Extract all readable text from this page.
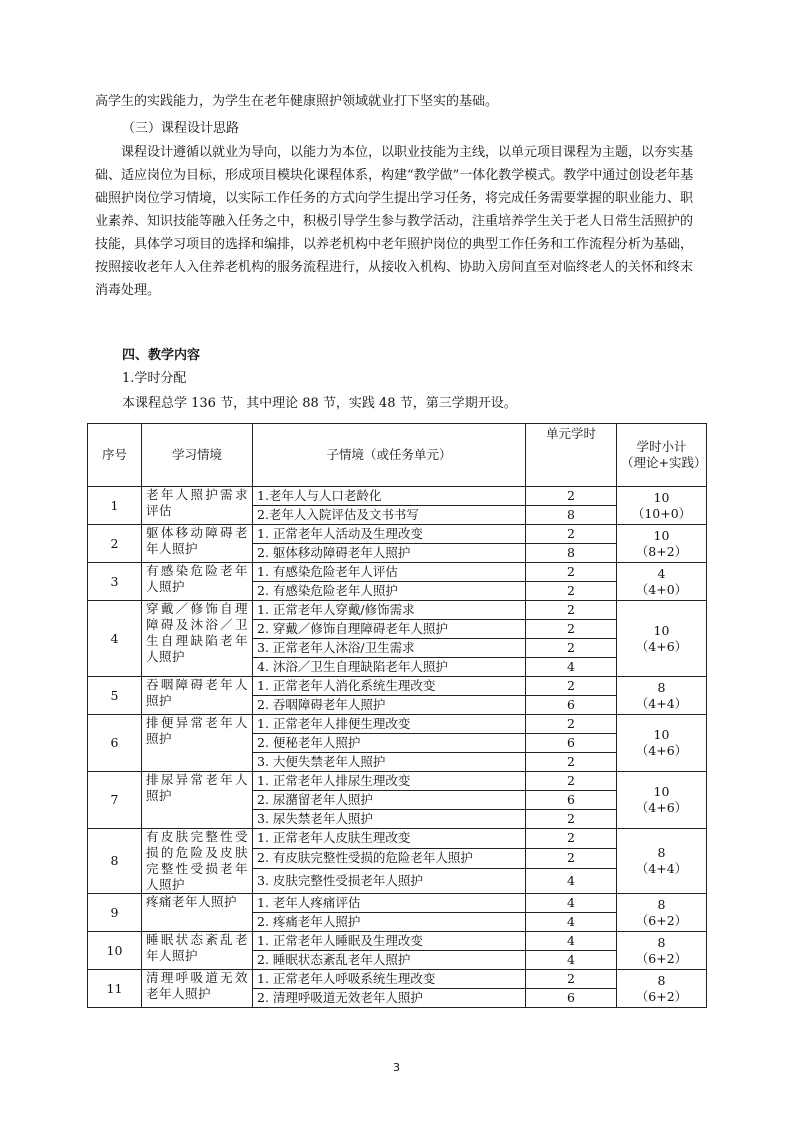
高学生的实践能力，为学生在老年健康照护领域就业打下坚实的基础。

（三）课程设计思路

课程设计遵循以就业为导向，以能力为本位，以职业技能为主线，以单元项目课程为主题，以夯实基础、适应岗位为目标，形成项目模块化课程体系，构建“教学做”一体化教学模式。教学中通过创设老年基础照护岗位学习情境，以实际工作任务的方式向学生提出学习任务，将完成任务需要掌握的职业能力、职业素养、知识技能等融入任务之中，积极引导学生参与教学活动，注重培养学生关于老人日常生活照护的技能，具体学习项目的选择和编排，以养老机构中老年照护岗位的典型工作任务和工作流程分析为基础，按照接收老年人入住养老机构的服务流程进行，从接收入机构、协助入房间直至对临终老人的关怀和终末消毒处理。

四、教学内容

1.学时分配

本课程总学 136 节，其中理论 88 节，实践 48 节，第三学期开设。

序号	学习情境	子情境（或任务单元）	单元学时	学时小计
（理论+实践）

1	老年人照护需求评估	1.老年人与人口老龄化	2	10
（10+0）

		2.老年人入院评估及文书书写	8	
2	躯体移动障碍老年人照护	1. 正常老年人活动及生理改变	2	10
（8+2）

		2. 躯体移动障碍老年人照护	8	
3	有感染危险老年人照护	1. 有感染危险老年人评估	2	4
（4+0）

		2. 有感染危险老年人照护	2	
4	穿戴／修饰自理障碍及沐浴／卫生自理缺陷老年人照护	1. 正常老年人穿戴/修饰需求	2	10
（4+6）

		2. 穿戴／修饰自理障碍老年人照护	2	
		3. 正常老年人沐浴/卫生需求	2	
		4. 沐浴／卫生自理缺陷老年人照护	4	
5	吞咽障碍老年人照护	1. 正常老年人消化系统生理改变	2	8
（4+4）

		2. 吞咽障碍老年人照护	6	
6	排便异常老年人照护	1. 正常老年人排便生理改变	2	10
（4+6）

		2. 便秘老年人照护	6	
		3. 大便失禁老年人照护	2	
7	排尿异常老年人照护	1. 正常老年人排尿生理改变	2	10
（4+6）

		2. 尿潴留老年人照护	6	
		3. 尿失禁老年人照护	2	
8	有皮肤完整性受损的危险及皮肤完整性受损老年人照护	1. 正常老年人皮肤生理改变	2	8
（4+4）

		2. 有皮肤完整性受损的危险老年人照护	2	
		3. 皮肤完整性受损老年人照护	4	
9	疼痛老年人照护	1. 老年人疼痛评估	4	8
（6+2）

		2. 疼痛老年人照护	4	
10	睡眠状态紊乱老年人照护	1. 正常老年人睡眠及生理改变	4	8
（6+2）

		2. 睡眠状态紊乱老年人照护	4	
11	清理呼吸道无效老年人照护	1. 正常老年人呼吸系统生理改变	2	8
（6+2）

		2. 清理呼吸道无效老年人照护	6	

3
